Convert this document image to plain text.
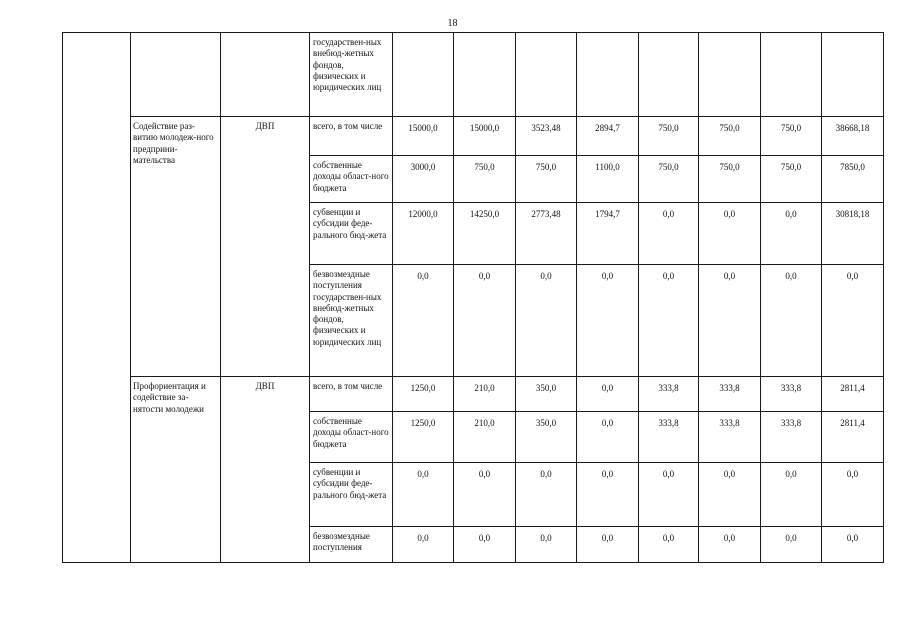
18

			государствен-ных внебюд-жетных фондов, физических и юридических лиц								

	Содействие раз-витию молодеж-ного предприни-мательства	ДВП	всего, в том числе	15000,0	15000,0	3523,48	2894,7	750,0	750,0	750,0	38668,18

			собственные доходы област-ного бюджета	3000,0	750,0	750,0	1100,0	750,0	750,0	750,0	7850,0

			субвенции и субсидии феде-рального бюд-жета	12000,0	14250,0	2773,48	1794,7	0,0	0,0	0,0	30818,18

			безвозмездные поступления государствен-ных внебюд-жетных фондов, физических и юридических лиц	0,0	0,0	0,0	0,0	0,0	0,0	0,0	0,0

	Профориентация и содействие за-нятости молодежи	ДВП	всего, в том числе	1250,0	210,0	350,0	0,0	333,8	333,8	333,8	2811,4

			собственные доходы област-ного бюджета	1250,0	210,0	350,0	0,0	333,8	333,8	333,8	2811,4

			субвенции и субсидии феде-рального бюд-жета	0,0	0,0	0,0	0,0	0,0	0,0	0,0	0,0

			безвозмездные поступления	0,0	0,0	0,0	0,0	0,0	0,0	0,0	0,0
